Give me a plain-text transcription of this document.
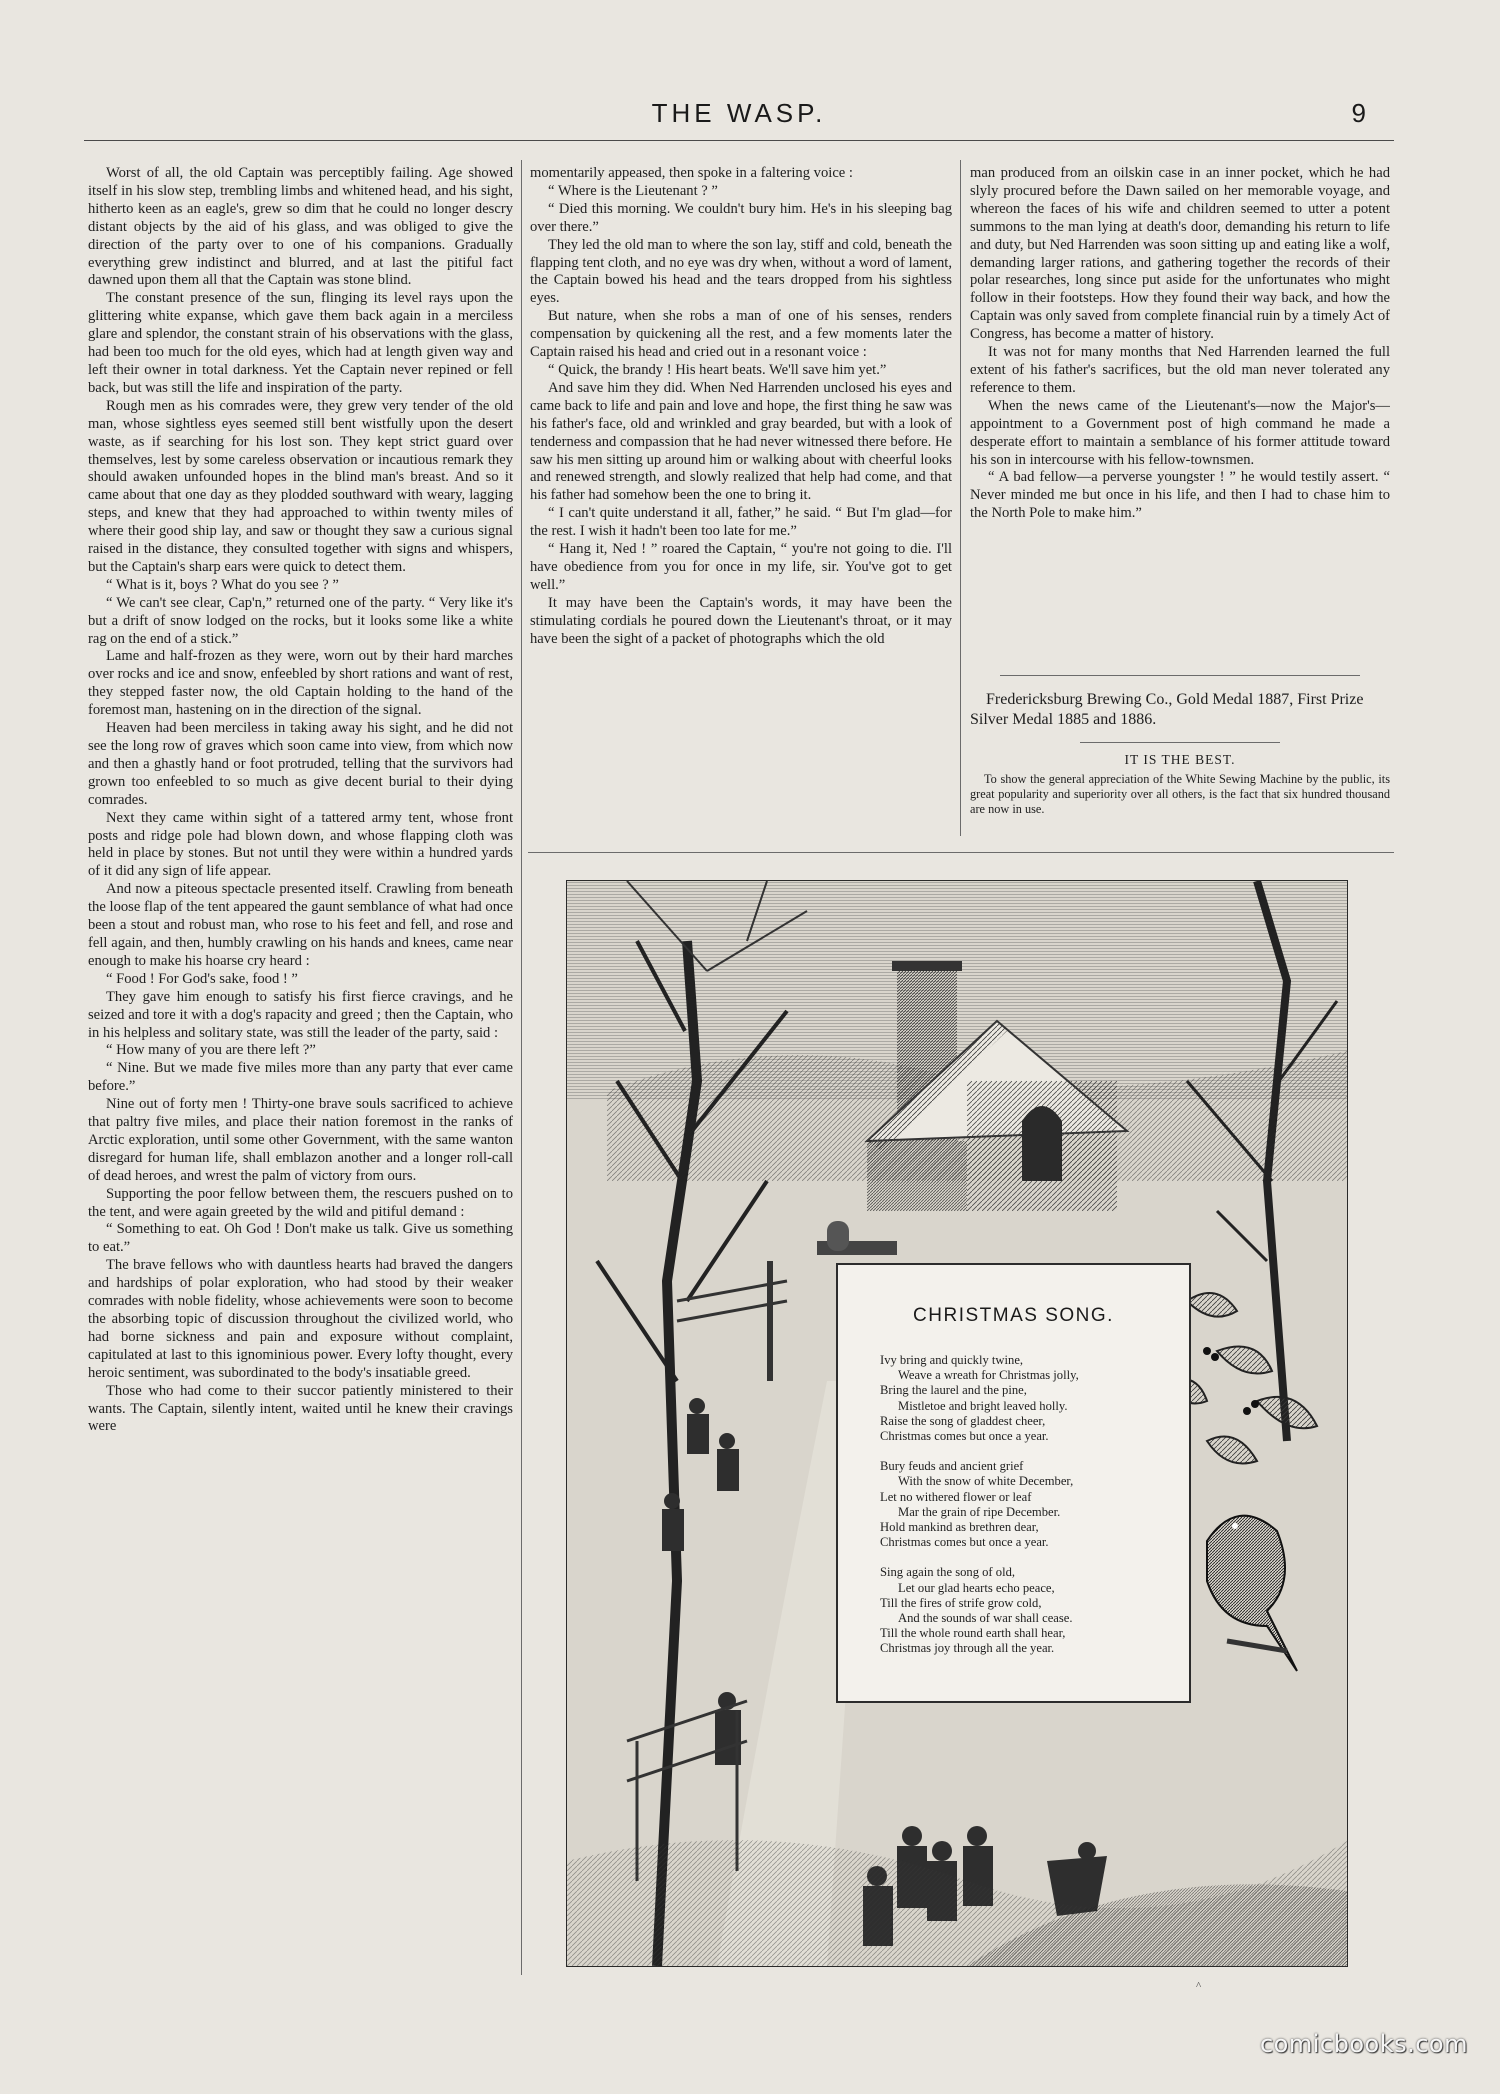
THE WASP.	9

Worst of all, the old Captain was perceptibly failing. Age showed itself in his slow step, trembling limbs and whitened head, and his sight, hitherto keen as an eagle's, grew so dim that he could no longer descry distant objects by the aid of his glass, and was obliged to give the direction of the party over to one of his companions. Gradually everything grew indistinct and blurred, and at last the pitiful fact dawned upon them all that the Captain was stone blind.

The constant presence of the sun, flinging its level rays upon the glittering white expanse, which gave them back again in a merciless glare and splendor, the constant strain of his observations with the glass, had been too much for the old eyes, which had at length given way and left their owner in total darkness. Yet the Captain never repined or fell back, but was still the life and inspiration of the party.

Rough men as his comrades were, they grew very tender of the old man, whose sightless eyes seemed still bent wistfully upon the desert waste, as if searching for his lost son. They kept strict guard over themselves, lest by some careless observation or incautious remark they should awaken unfounded hopes in the blind man's breast. And so it came about that one day as they plodded southward with weary, lagging steps, and knew that they had approached to within twenty miles of where their good ship lay, and saw or thought they saw a curious signal raised in the distance, they consulted together with signs and whispers, but the Captain's sharp ears were quick to detect them.

“ What is it, boys ? What do you see ? ”

“ We can't see clear, Cap'n,” returned one of the party. “ Very like it's but a drift of snow lodged on the rocks, but it looks some like a white rag on the end of a stick.”

Lame and half-frozen as they were, worn out by their hard marches over rocks and ice and snow, enfeebled by short rations and want of rest, they stepped faster now, the old Captain holding to the hand of the foremost man, hastening on in the direction of the signal.

Heaven had been merciless in taking away his sight, and he did not see the long row of graves which soon came into view, from which now and then a ghastly hand or foot protruded, telling that the survivors had grown too enfeebled to so much as give decent burial to their dying comrades.

Next they came within sight of a tattered army tent, whose front posts and ridge pole had blown down, and whose flapping cloth was held in place by stones. But not until they were within a hundred yards of it did any sign of life appear.

And now a piteous spectacle presented itself. Crawling from beneath the loose flap of the tent appeared the gaunt semblance of what had once been a stout and robust man, who rose to his feet and fell, and rose and fell again, and then, humbly crawling on his hands and knees, came near enough to make his hoarse cry heard :

“ Food ! For God's sake, food ! ”

They gave him enough to satisfy his first fierce cravings, and he seized and tore it with a dog's rapacity and greed ; then the Captain, who in his helpless and solitary state, was still the leader of the party, said :

“ How many of you are there left ?”

“ Nine. But we made five miles more than any party that ever came before.”

Nine out of forty men ! Thirty-one brave souls sacrificed to achieve that paltry five miles, and place their nation foremost in the ranks of Arctic exploration, until some other Government, with the same wanton disregard for human life, shall emblazon another and a longer roll-call of dead heroes, and wrest the palm of victory from ours.

Supporting the poor fellow between them, the rescuers pushed on to the tent, and were again greeted by the wild and pitiful demand :

“ Something to eat. Oh God ! Don't make us talk. Give us something to eat.”

The brave fellows who with dauntless hearts had braved the dangers and hardships of polar exploration, who had stood by their weaker comrades with noble fidelity, whose achievements were soon to become the absorbing topic of discussion throughout the civilized world, who had borne sickness and pain and exposure without complaint, capitulated at last to this ignominious power. Every lofty thought, every heroic sentiment, was subordinated to the body's insatiable greed.

Those who had come to their succor patiently ministered to their wants. The Captain, silently intent, waited until he knew their cravings were

momentarily appeased, then spoke in a faltering voice :

“ Where is the Lieutenant ? ”

“ Died this morning. We couldn't bury him. He's in his sleeping bag over there.”

They led the old man to where the son lay, stiff and cold, beneath the flapping tent cloth, and no eye was dry when, without a word of lament, the Captain bowed his head and the tears dropped from his sightless eyes.

But nature, when she robs a man of one of his senses, renders compensation by quickening all the rest, and a few moments later the Captain raised his head and cried out in a resonant voice :

“ Quick, the brandy ! His heart beats. We'll save him yet.”

And save him they did. When Ned Harrenden unclosed his eyes and came back to life and pain and love and hope, the first thing he saw was his father's face, old and wrinkled and gray bearded, but with a look of tenderness and compassion that he had never witnessed there before. He saw his men sitting up around him or walking about with cheerful looks and renewed strength, and slowly realized that help had come, and that his father had somehow been the one to bring it.

“ I can't quite understand it all, father,” he said. “ But I'm glad—for the rest. I wish it hadn't been too late for me.”

“ Hang it, Ned ! ” roared the Captain, “ you're not going to die. I'll have obedience from you for once in my life, sir. You've got to get well.”

It may have been the Captain's words, it may have been the stimulating cordials he poured down the Lieutenant's throat, or it may have been the sight of a packet of photographs which the old

man produced from an oilskin case in an inner pocket, which he had slyly procured before the Dawn sailed on her memorable voyage, and whereon the faces of his wife and children seemed to utter a potent summons to the man lying at death's door, demanding his return to life and duty, but Ned Harrenden was soon sitting up and eating like a wolf, demanding larger rations, and gathering together the records of their polar researches, long since put aside for the unfortunates who might follow in their footsteps. How they found their way back, and how the Captain was only saved from complete financial ruin by a timely Act of Congress, has become a matter of history.

It was not for many months that Ned Harrenden learned the full extent of his father's sacrifices, but the old man never tolerated any reference to them.

When the news came of the Lieutenant's—now the Major's—appointment to a Government post of high command he made a desperate effort to maintain a semblance of his former attitude toward his son in intercourse with his fellow-townsmen.

“ A bad fellow—a perverse youngster ! ” he would testily assert. “ Never minded me but once in his life, and then I had to chase him to the North Pole to make him.”

Fredericksburg Brewing Co., Gold Medal 1887, First Prize Silver Medal 1885 and 1886.
IT IS THE BEST.
To show the general appreciation of the White Sewing Machine by the public, its great popularity and superiority over all others, is the fact that six hundred thousand are now in use.
CHRISTMAS SONG.
Ivy bring and quickly twine,
Weave a wreath for Christmas jolly,
Bring the laurel and the pine,
Mistletoe and bright leaved holly.
Raise the song of gladdest cheer,
Christmas comes but once a year.
Bury feuds and ancient grief
With the snow of white December,
Let no withered flower or leaf
Mar the grain of ripe December.
Hold mankind as brethren dear,
Christmas comes but once a year.
Sing again the song of old,
Let our glad hearts echo peace,
Till the fires of strife grow cold,
And the sounds of war shall cease.
Till the whole round earth shall hear,
Christmas joy through all the year.
^
comicbooks.com
